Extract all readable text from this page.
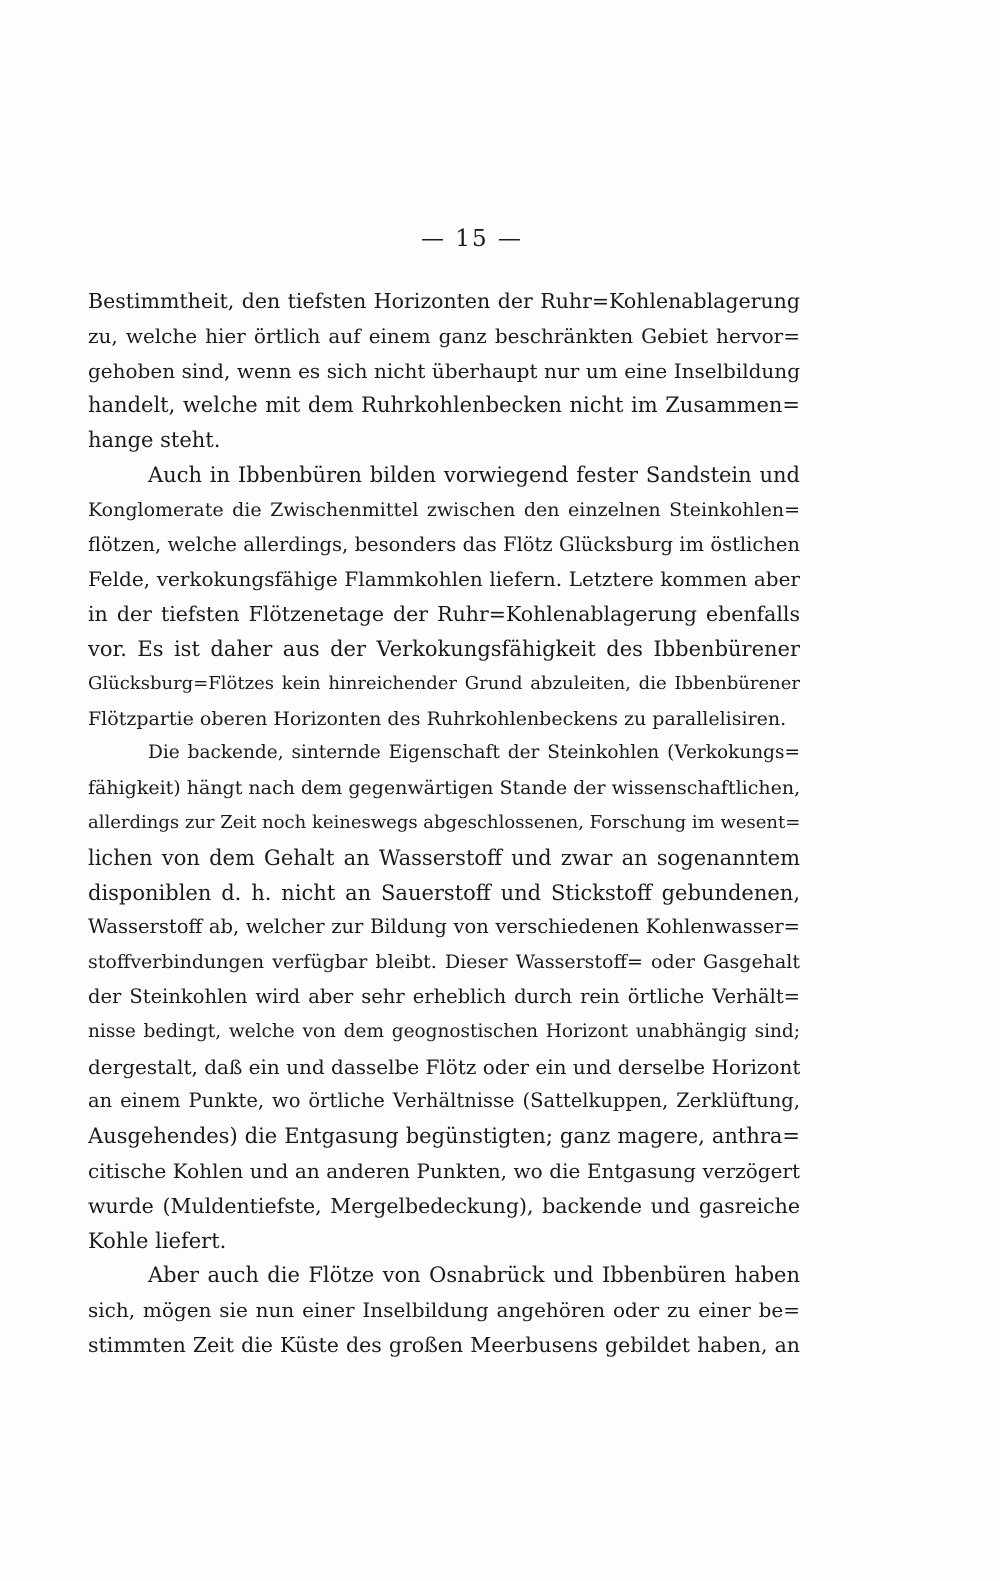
— 15 —
Bestimmtheit, den tiefsten Horizonten der Ruhr=Kohlenablagerung
zu, welche hier örtlich auf einem ganz beschränkten Gebiet hervor=
gehoben sind, wenn es sich nicht überhaupt nur um eine Inselbildung
handelt, welche mit dem Ruhrkohlenbecken nicht im Zusammen=
hange steht.
Auch in Ibbenbüren bilden vorwiegend fester Sandstein und
Konglomerate die Zwischenmittel zwischen den einzelnen Steinkohlen=
flötzen, welche allerdings, besonders das Flötz Glücksburg im östlichen
Felde, verkokungsfähige Flammkohlen liefern. Letztere kommen aber
in der tiefsten Flötzenetage der Ruhr=Kohlenablagerung ebenfalls
vor. Es ist daher aus der Verkokungsfähigkeit des Ibbenbürener
Glücksburg=Flötzes kein hinreichender Grund abzuleiten, die Ibbenbürener
Flötzpartie oberen Horizonten des Ruhrkohlenbeckens zu parallelisiren.
Die backende, sinternde Eigenschaft der Steinkohlen (Verkokungs=
fähigkeit) hängt nach dem gegenwärtigen Stande der wissenschaftlichen,
allerdings zur Zeit noch keineswegs abgeschlossenen, Forschung im wesent=
lichen von dem Gehalt an Wasserstoff und zwar an sogenanntem
disponiblen d. h. nicht an Sauerstoff und Stickstoff gebundenen,
Wasserstoff ab, welcher zur Bildung von verschiedenen Kohlenwasser=
stoffverbindungen verfügbar bleibt. Dieser Wasserstoff= oder Gasgehalt
der Steinkohlen wird aber sehr erheblich durch rein örtliche Verhält=
nisse bedingt, welche von dem geognostischen Horizont unabhängig sind;
dergestalt, daß ein und dasselbe Flötz oder ein und derselbe Horizont
an einem Punkte, wo örtliche Verhältnisse (Sattelkuppen, Zerklüftung,
Ausgehendes) die Entgasung begünstigten; ganz magere, anthra=
citische Kohlen und an anderen Punkten, wo die Entgasung verzögert
wurde (Muldentiefste, Mergelbedeckung), backende und gasreiche
Kohle liefert.
Aber auch die Flötze von Osnabrück und Ibbenbüren haben
sich, mögen sie nun einer Inselbildung angehören oder zu einer be=
stimmten Zeit die Küste des großen Meerbusens gebildet haben, an
